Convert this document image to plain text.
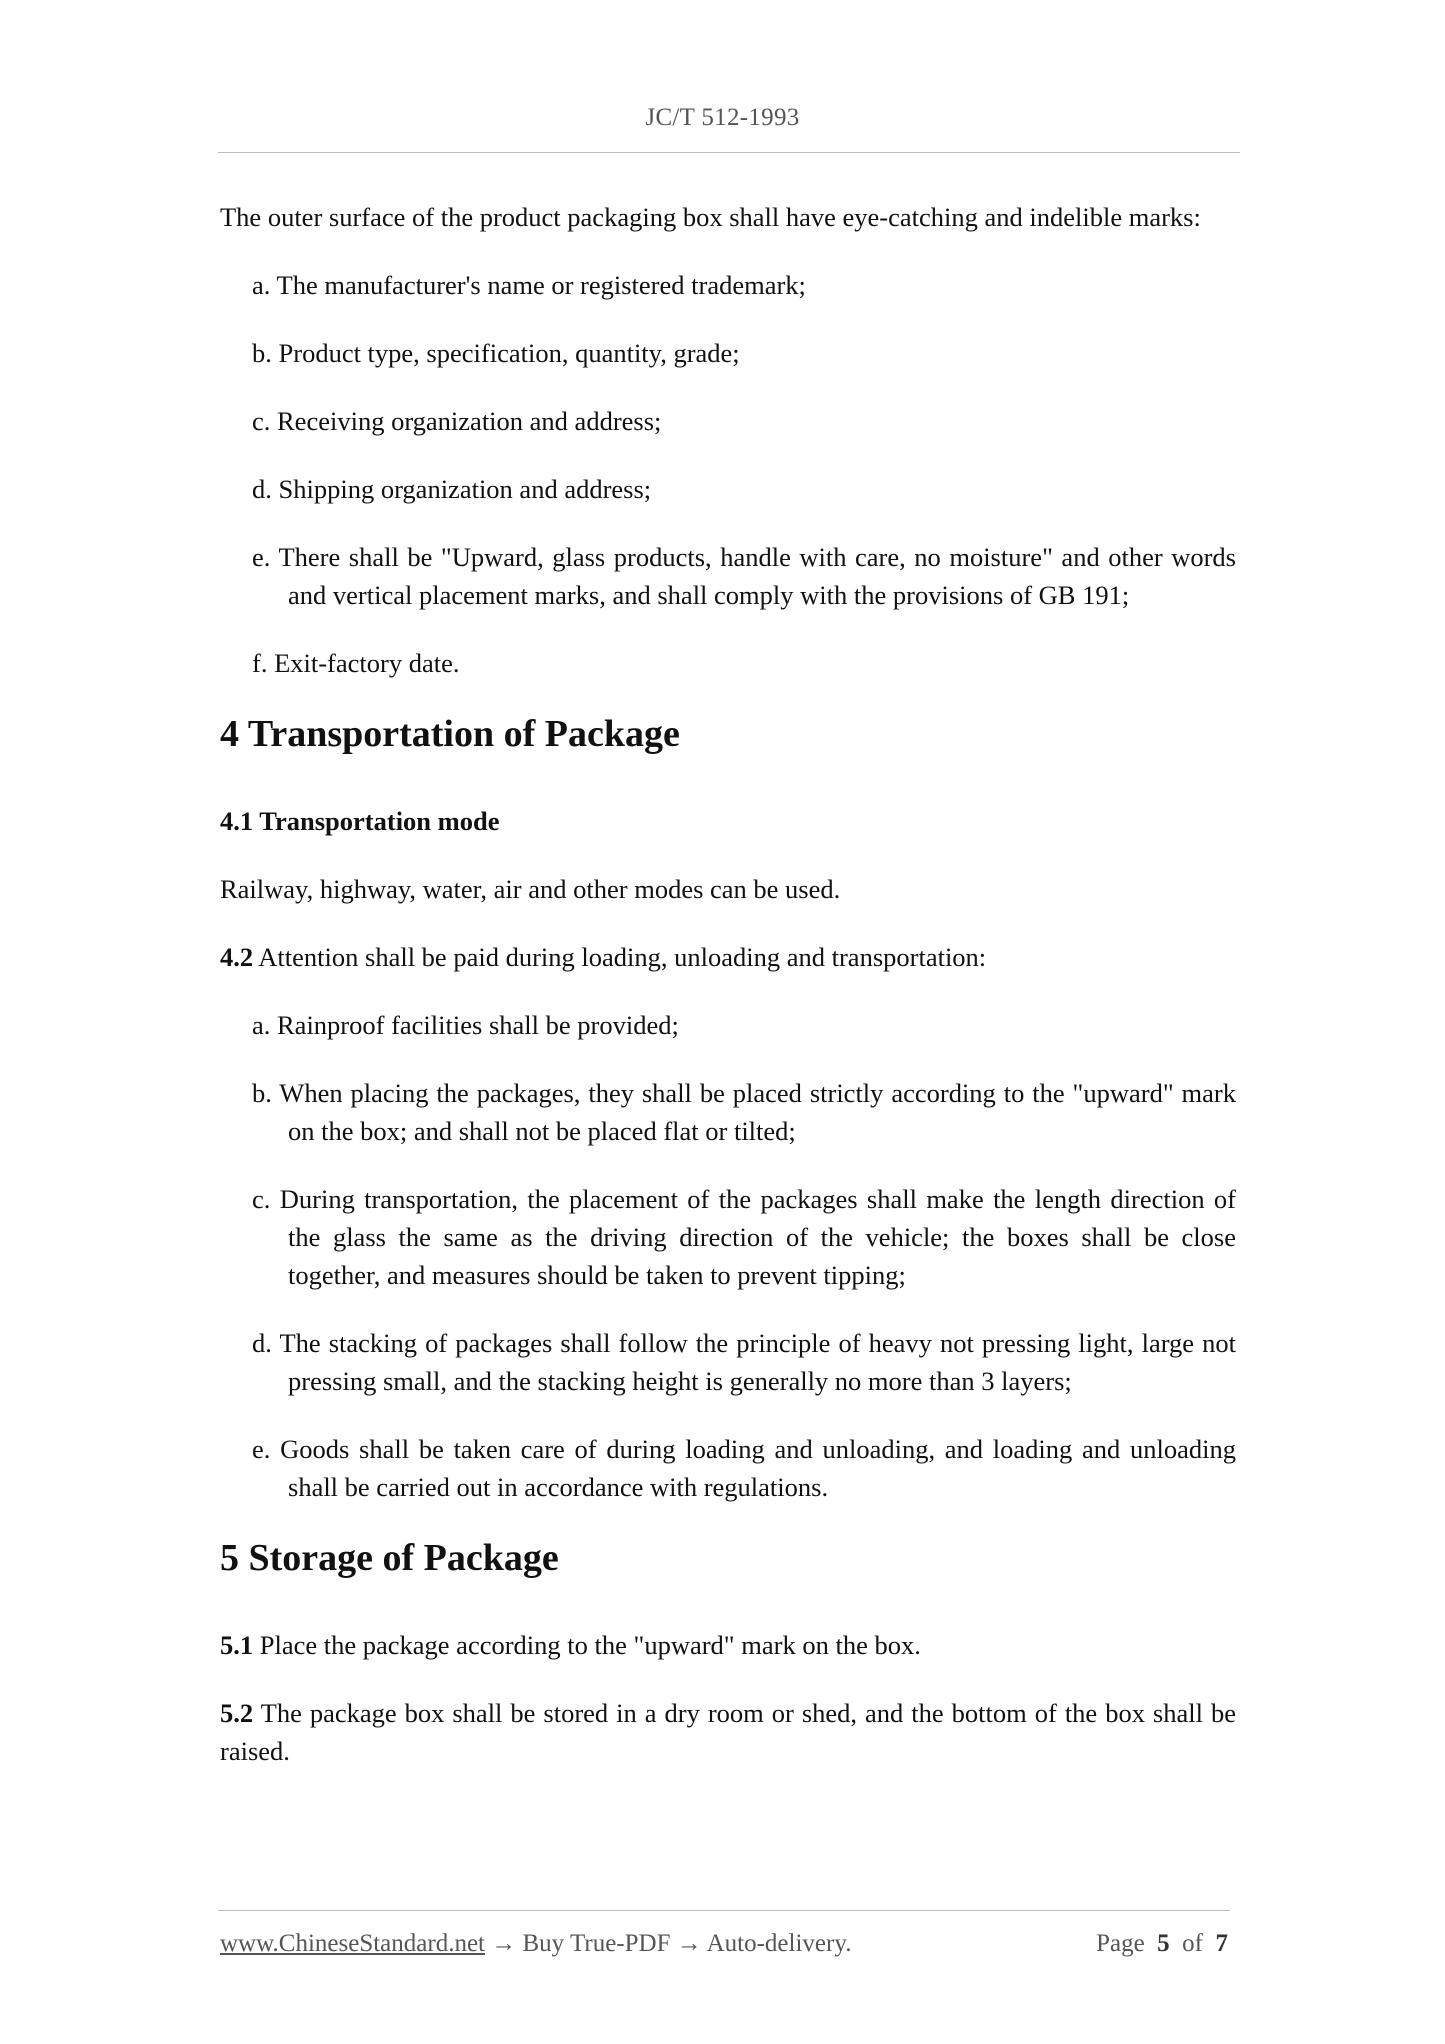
JC/T 512-1993

The outer surface of the product packaging box shall have eye-catching and indelible marks:

a. The manufacturer's name or registered trademark;
b. Product type, specification, quantity, grade;
c. Receiving organization and address;
d. Shipping organization and address;
e. There shall be "Upward, glass products, handle with care, no moisture" and other words and vertical placement marks, and shall comply with the provisions of GB 191;
f. Exit-factory date.
4 Transportation of Package
4.1 Transportation mode

Railway, highway, water, air and other modes can be used.

4.2 Attention shall be paid during loading, unloading and transportation:

a. Rainproof facilities shall be provided;
b. When placing the packages, they shall be placed strictly according to the "upward" mark on the box; and shall not be placed flat or tilted;
c. During transportation, the placement of the packages shall make the length direction of the glass the same as the driving direction of the vehicle; the boxes shall be close together, and measures should be taken to prevent tipping;
d. The stacking of packages shall follow the principle of heavy not pressing light, large not pressing small, and the stacking height is generally no more than 3 layers;
e. Goods shall be taken care of during loading and unloading, and loading and unloading shall be carried out in accordance with regulations.
5 Storage of Package

5.1 Place the package according to the "upward" mark on the box.

5.2 The package box shall be stored in a dry room or shed, and the bottom of the box shall be raised.

www.ChineseStandard.net → Buy True-PDF → Auto-delivery.	Page 5 of 7
